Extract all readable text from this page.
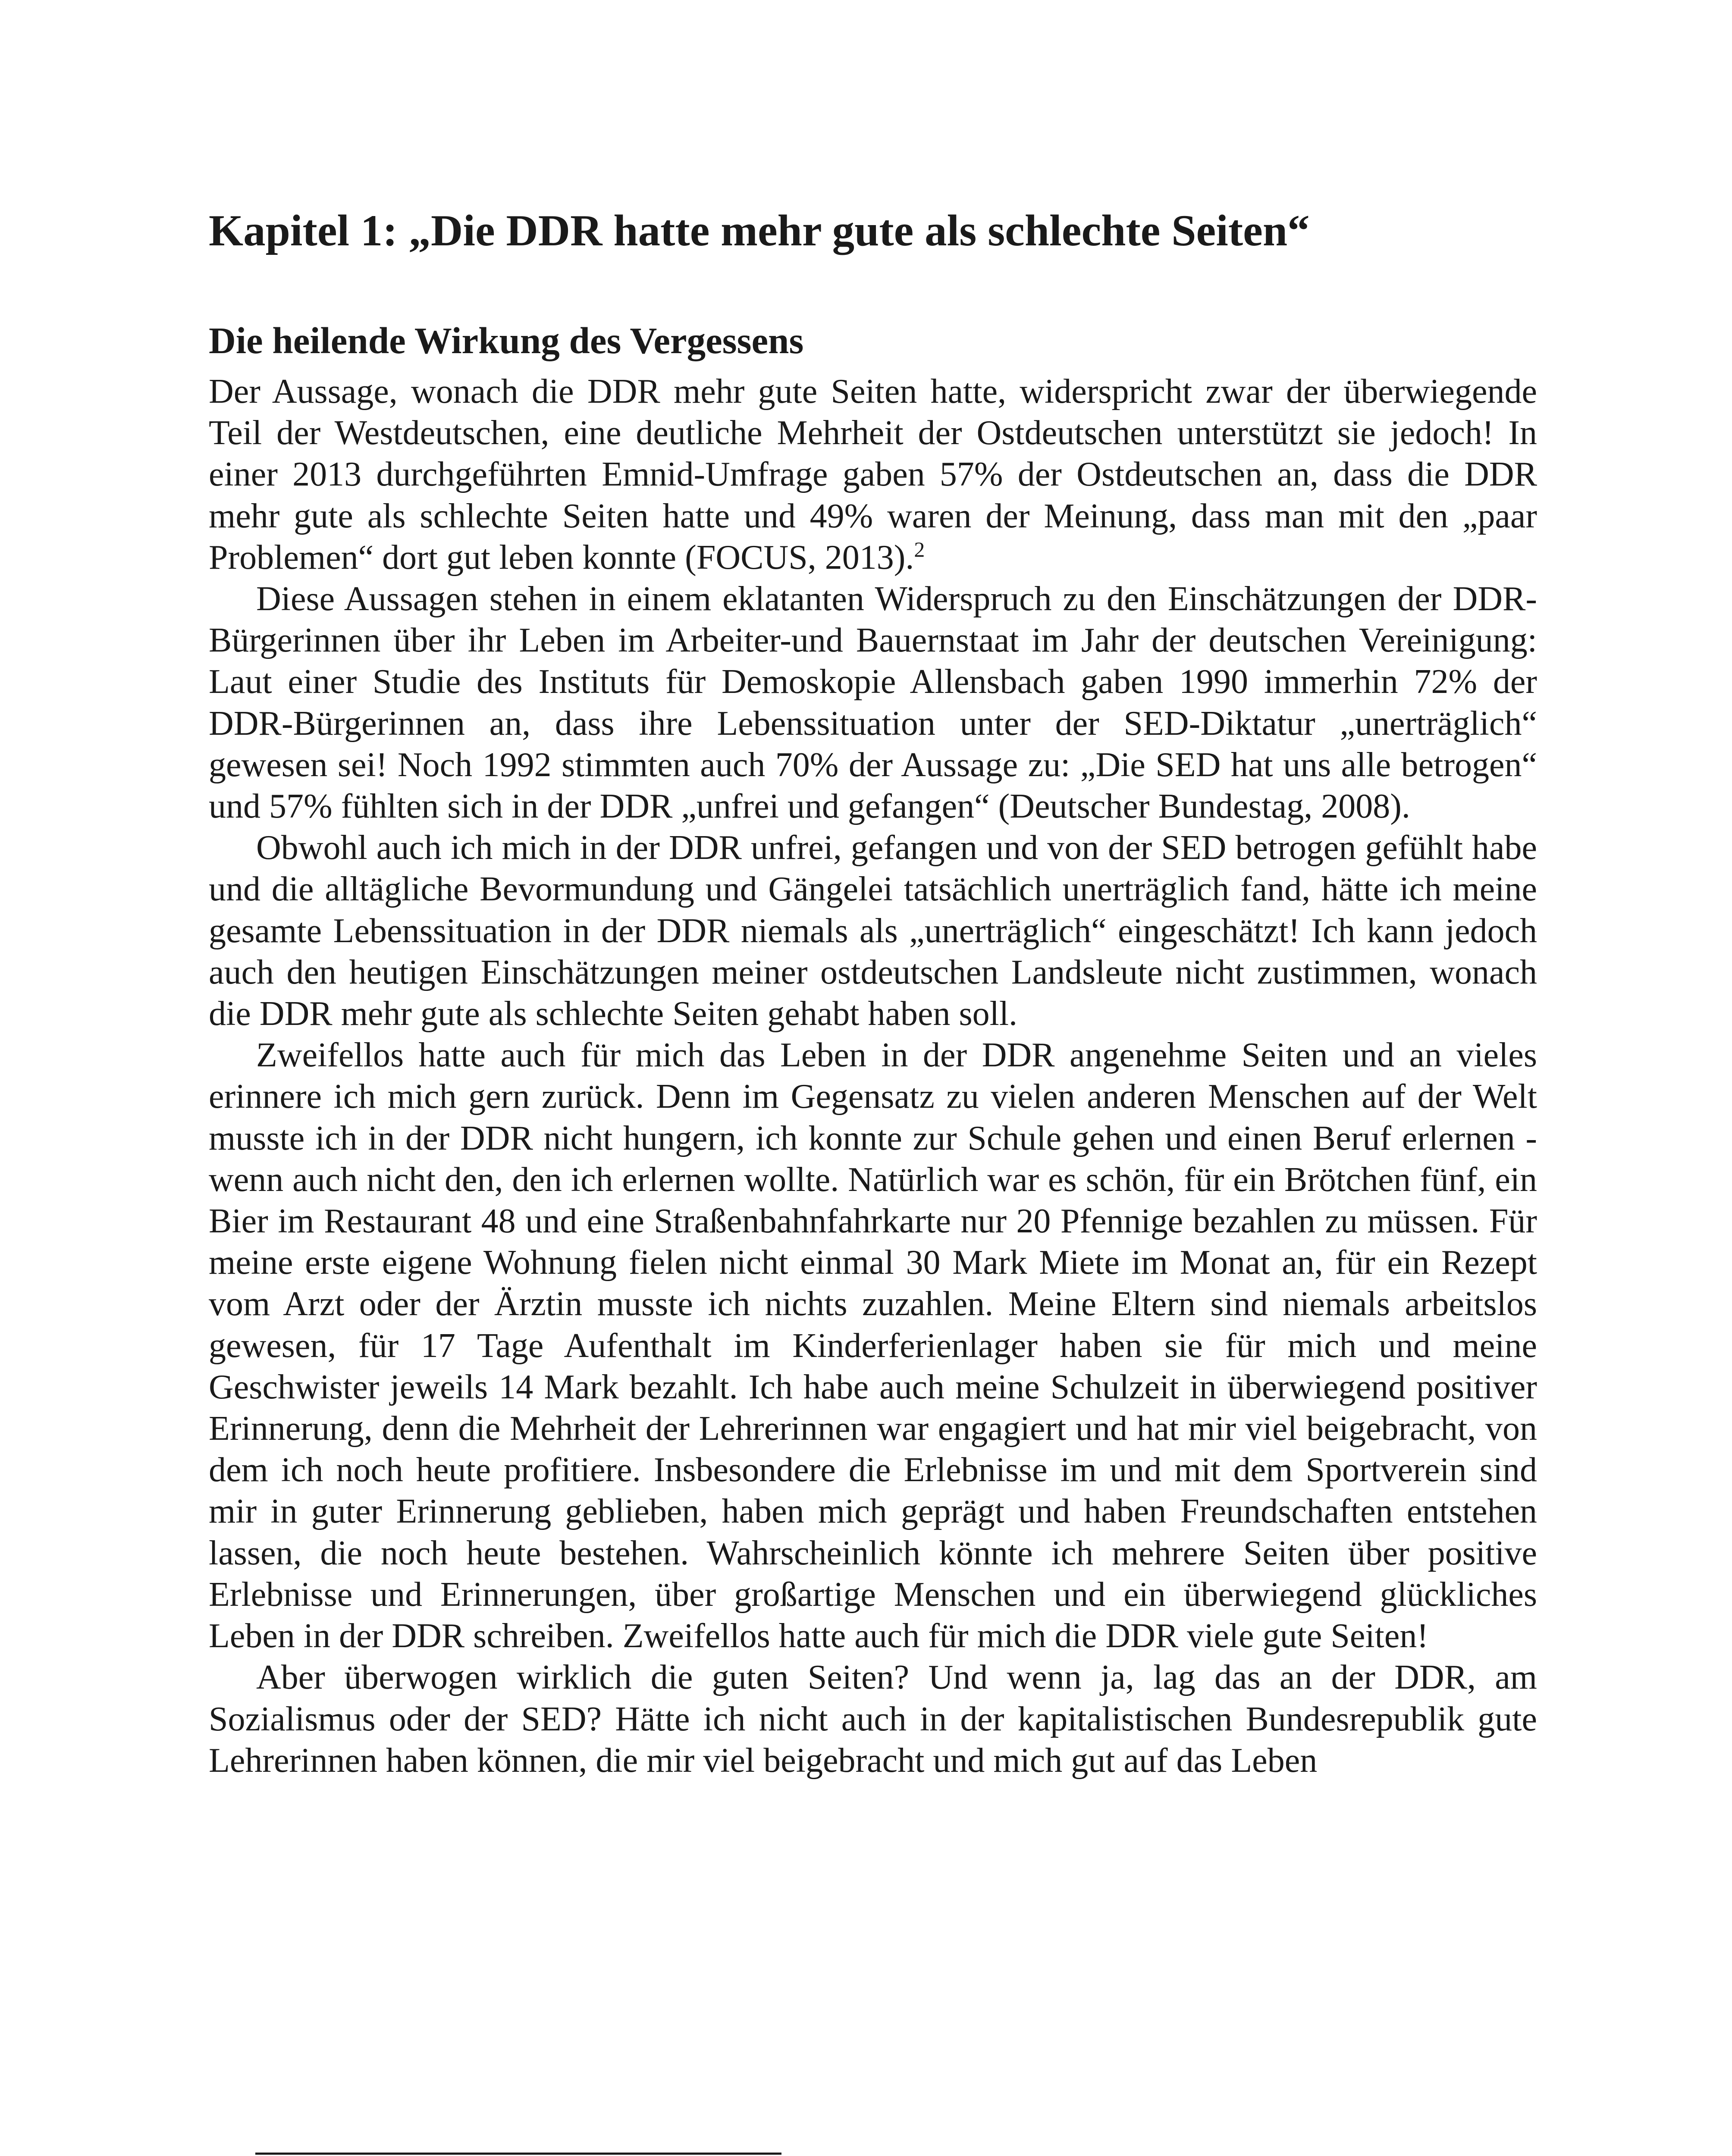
Kapitel 1: „Die DDR hatte mehr gute als schlechte Seiten“
Die heilende Wirkung des Vergessens

Der Aussage, wonach die DDR mehr gute Seiten hatte, widerspricht zwar der überwiegende Teil der Westdeutschen, eine deutliche Mehrheit der Ostdeutschen unterstützt sie jedoch! In einer 2013 durchgeführten Emnid-Umfrage gaben 57% der Ostdeutschen an, dass die DDR mehr gute als schlechte Seiten hatte und 49% waren der Meinung, dass man mit den „paar Problemen“ dort gut leben konnte (FOCUS, 2013).$^2$

Diese Aussagen stehen in einem eklatanten Widerspruch zu den Einschätzungen der DDR-Bürgerinnen über ihr Leben im Arbeiter-und Bauernstaat im Jahr der deutschen Vereinigung: Laut einer Studie des Instituts für Demoskopie Allensbach gaben 1990 immerhin 72% der DDR-Bürgerinnen an, dass ihre Lebenssituation unter der SED-Diktatur „unerträglich“ gewesen sei! Noch 1992 stimmten auch 70% der Aussage zu: „Die SED hat uns alle betrogen“ und 57% fühlten sich in der DDR „unfrei und gefangen“ (Deutscher Bundestag, 2008).

Obwohl auch ich mich in der DDR unfrei, gefangen und von der SED betrogen gefühlt habe und die alltägliche Bevormundung und Gängelei tatsächlich unerträglich fand, hätte ich meine gesamte Lebenssituation in der DDR niemals als „unerträglich“ eingeschätzt! Ich kann jedoch auch den heutigen Einschätzungen meiner ostdeutschen Landsleute nicht zustimmen, wonach die DDR mehr gute als schlechte Seiten gehabt haben soll.

Zweifellos hatte auch für mich das Leben in der DDR angenehme Seiten und an vieles erinnere ich mich gern zurück. Denn im Gegensatz zu vielen anderen Menschen auf der Welt musste ich in der DDR nicht hungern, ich konnte zur Schule gehen und einen Beruf erlernen - wenn auch nicht den, den ich erlernen wollte. Natürlich war es schön, für ein Brötchen fünf, ein Bier im Restaurant 48 und eine Straßenbahnfahrkarte nur 20 Pfennige bezahlen zu müssen. Für meine erste eigene Wohnung fielen nicht einmal 30 Mark Miete im Monat an, für ein Rezept vom Arzt oder der Ärztin musste ich nichts zuzahlen. Meine Eltern sind niemals arbeitslos gewesen, für 17 Tage Aufenthalt im Kinderferienlager haben sie für mich und meine Geschwister jeweils 14 Mark bezahlt. Ich habe auch meine Schulzeit in überwiegend positiver Erinnerung, denn die Mehrheit der Lehrerinnen war engagiert und hat mir viel beigebracht, von dem ich noch heute profitiere. Insbesondere die Erlebnisse im und mit dem Sportverein sind mir in guter Erinnerung geblieben, haben mich geprägt und haben Freundschaften entstehen lassen, die noch heute bestehen. Wahrscheinlich könnte ich mehrere Seiten über positive Erlebnisse und Erinnerungen, über großartige Menschen und ein überwiegend glückliches Leben in der DDR schreiben. Zweifellos hatte auch für mich die DDR viele gute Seiten!

Aber überwogen wirklich die guten Seiten? Und wenn ja, lag das an der DDR, am Sozialismus oder der SED? Hätte ich nicht auch in der kapitalistischen Bundesrepublik gute Lehrerinnen haben können, die mir viel beigebracht und mich gut auf das Leben
